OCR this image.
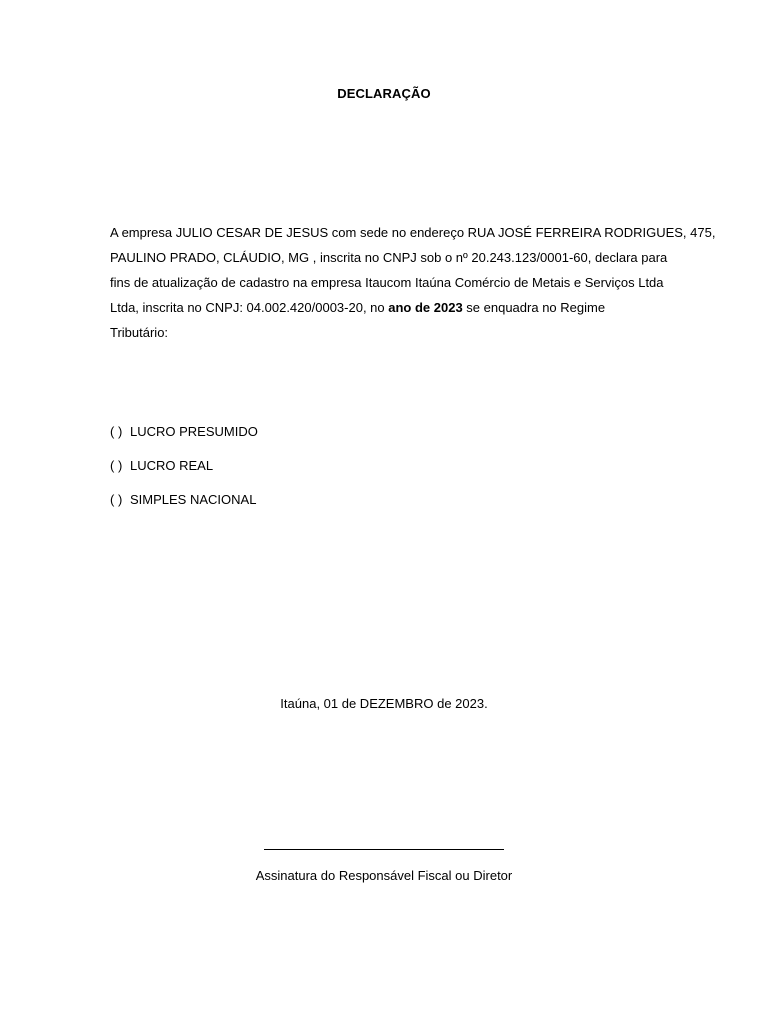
DECLARAÇÃO
A empresa JULIO CESAR DE JESUS com sede no endereço RUA JOSÉ FERREIRA RODRIGUES, 475,
PAULINO PRADO, CLÁUDIO, MG , inscrita no CNPJ sob o nº 20.243.123/0001-60, declara para
fins de atualização de cadastro na empresa Itaucom Itaúna Comércio de Metais e Serviços Ltda
Ltda, inscrita no CNPJ: 04.002.420/0003-20, no ano de 2023 se enquadra no Regime
Tributário:
( ) LUCRO PRESUMIDO
( ) LUCRO REAL
( ) SIMPLES NACIONAL
Itaúna, 01 de DEZEMBRO de 2023.
Assinatura do Responsável Fiscal ou Diretor
